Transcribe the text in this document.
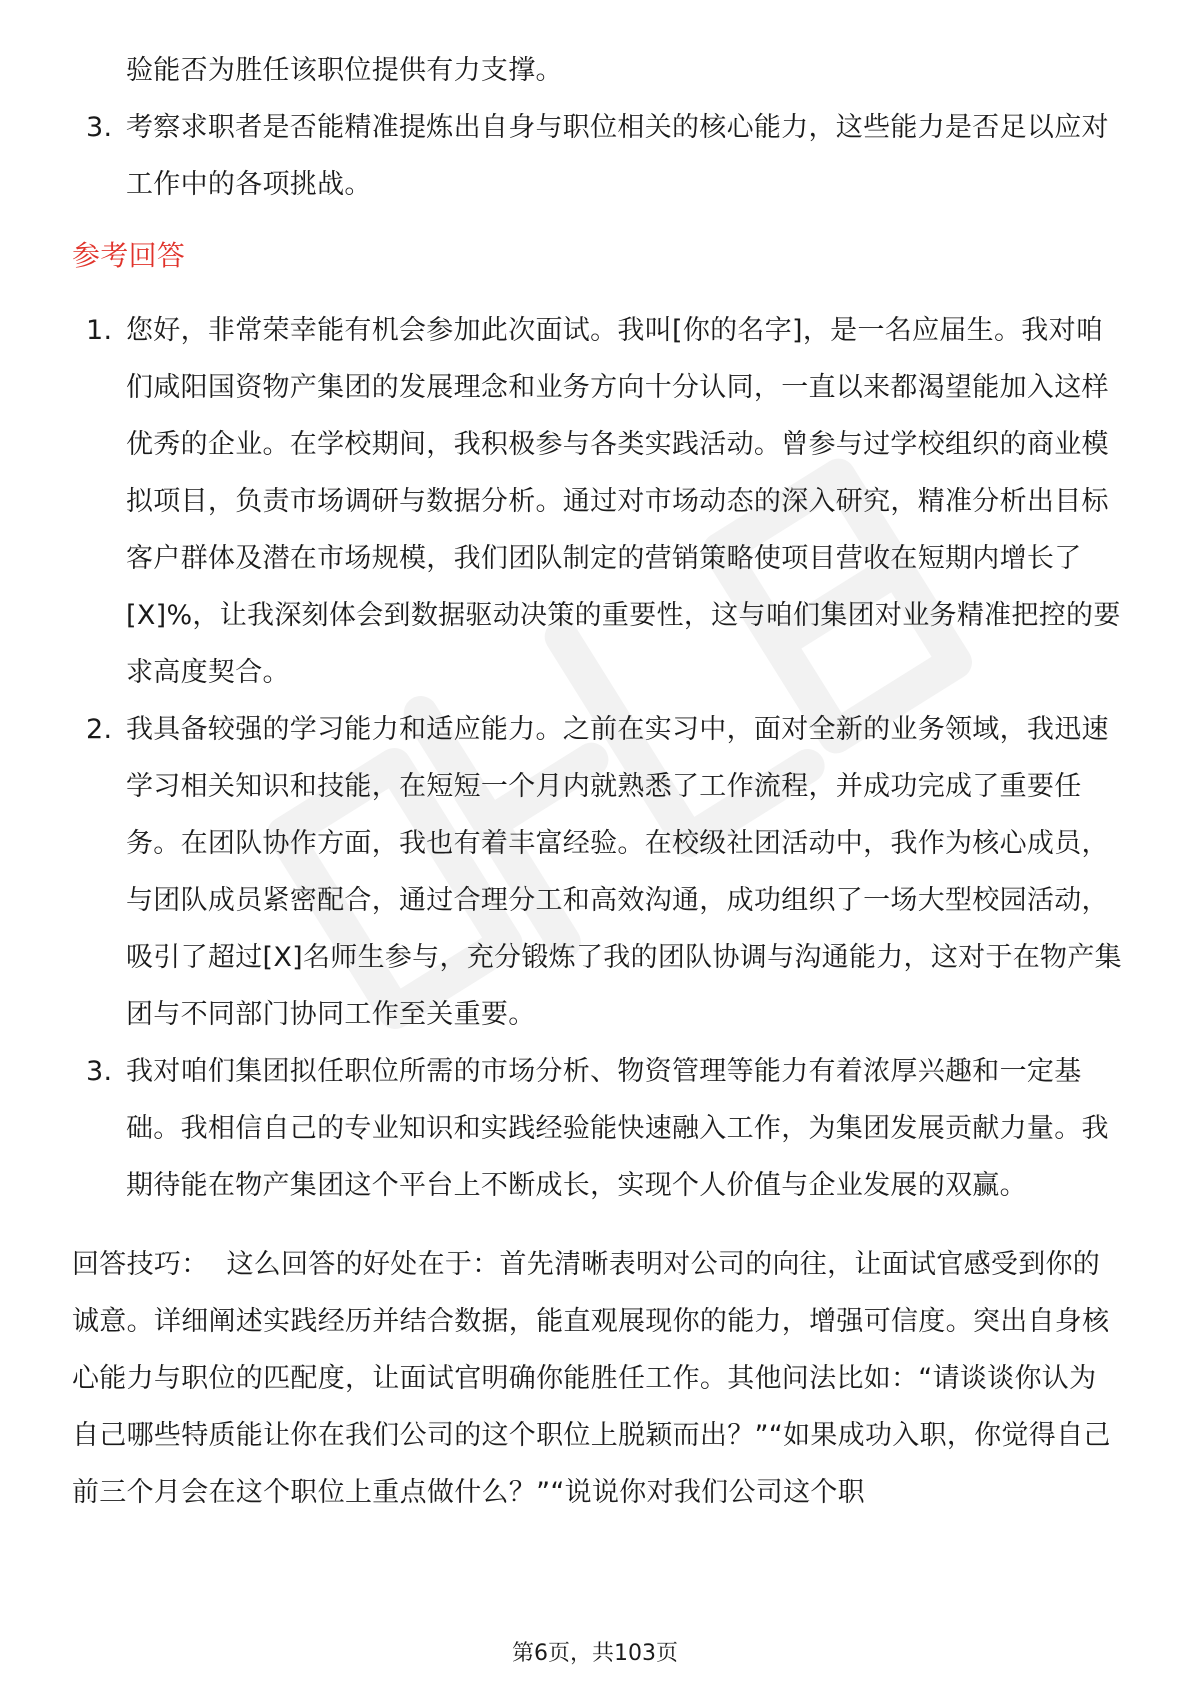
验能否为胜任该职位提供有力支撑。
3. 考察求职者是否能精准提炼出自身与职位相关的核心能力，这些能力是否足以应对工作中的各项挑战。
参考回答
1. 您好，非常荣幸能有机会参加此次面试。我叫[你的名字]，是一名应届生。我对咱们咸阳国资物产集团的发展理念和业务方向十分认同，一直以来都渴望能加入这样优秀的企业。在学校期间，我积极参与各类实践活动。曾参与过学校组织的商业模拟项目，负责市场调研与数据分析。通过对市场动态的深入研究，精准分析出目标客户群体及潜在市场规模，我们团队制定的营销策略使项目营收在短期内增长了[X]%，让我深刻体会到数据驱动决策的重要性，这与咱们集团对业务精准把控的要求高度契合。
2. 我具备较强的学习能力和适应能力。之前在实习中，面对全新的业务领域，我迅速学习相关知识和技能，在短短一个月内就熟悉了工作流程，并成功完成了重要任务。在团队协作方面，我也有着丰富经验。在校级社团活动中，我作为核心成员，与团队成员紧密配合，通过合理分工和高效沟通，成功组织了一场大型校园活动，吸引了超过[X]名师生参与，充分锻炼了我的团队协调与沟通能力，这对于在物产集团与不同部门协同工作至关重要。
3. 我对咱们集团拟任职位所需的市场分析、物资管理等能力有着浓厚兴趣和一定基础。我相信自己的专业知识和实践经验能快速融入工作，为集团发展贡献力量。我期待能在物产集团这个平台上不断成长，实现个人价值与企业发展的双赢。
回答技巧： 这么回答的好处在于：首先清晰表明对公司的向往，让面试官感受到你的诚意。详细阐述实践经历并结合数据，能直观展现你的能力，增强可信度。突出自身核心能力与职位的匹配度，让面试官明确你能胜任工作。其他问法比如：“请谈谈你认为自己哪些特质能让你在我们公司的这个职位上脱颖而出？”“如果成功入职，你觉得自己前三个月会在这个职位上重点做什么？”“说说你对我们公司这个职
第6页，共103页
